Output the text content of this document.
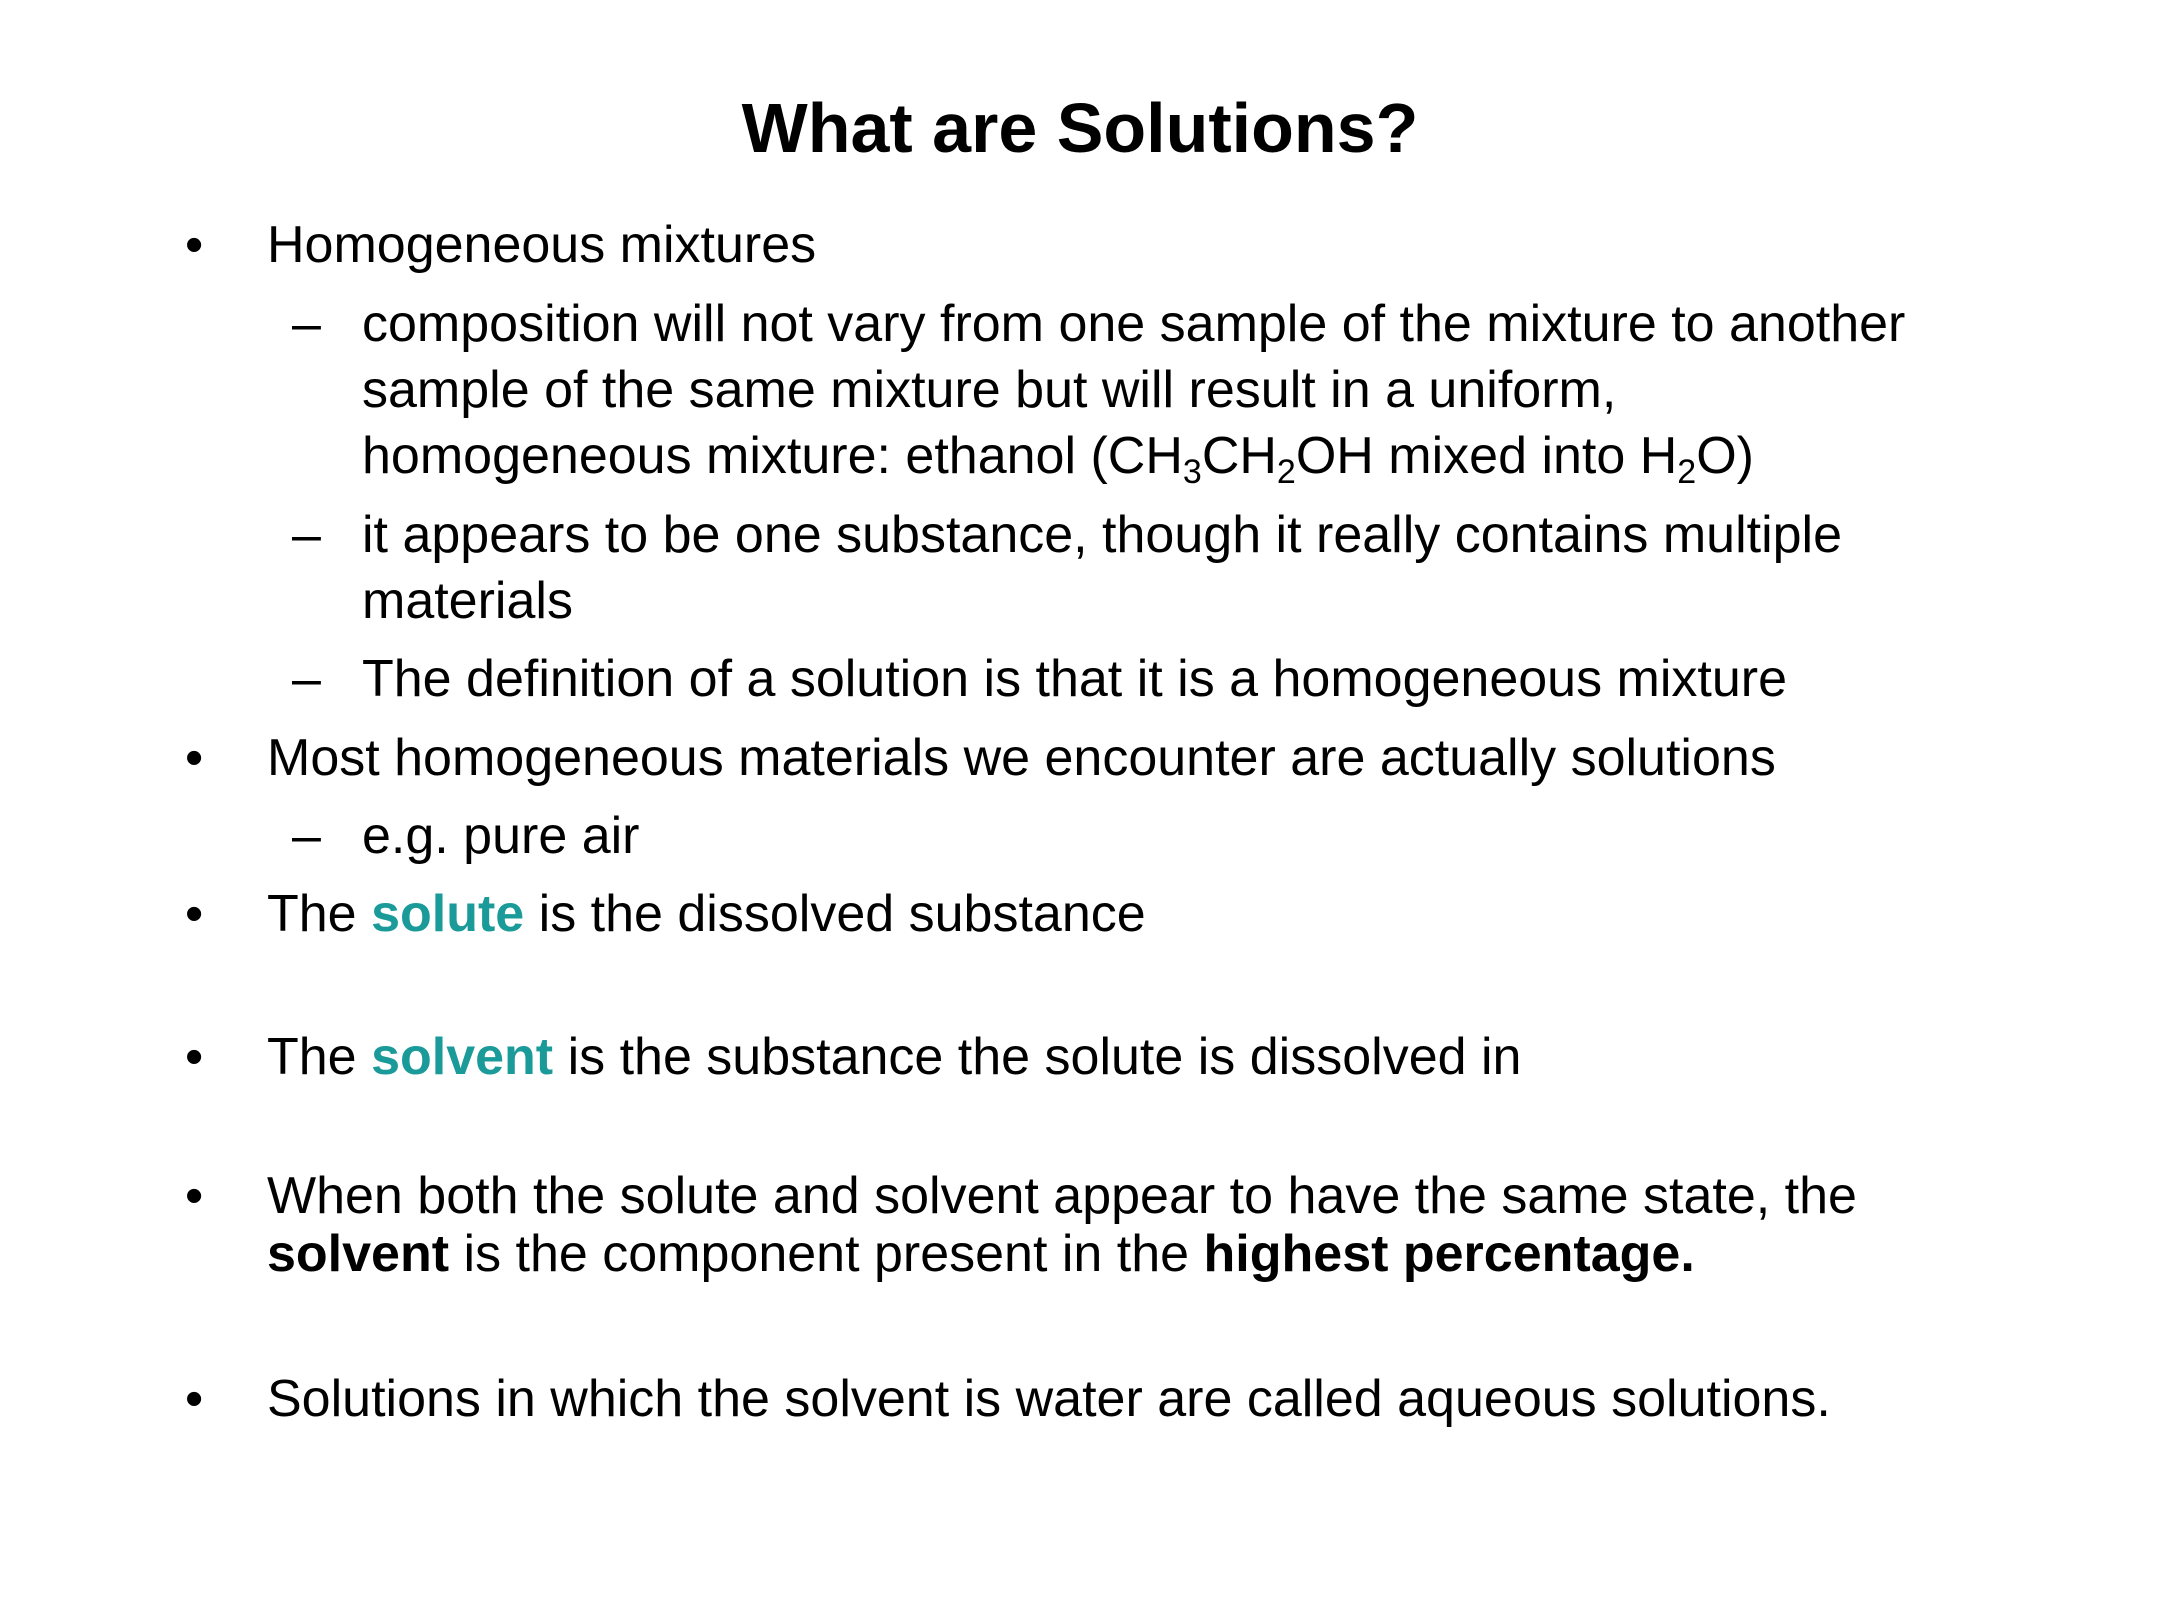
What are Solutions?
• Homogeneous mixtures
– composition will not vary from one sample of the mixture to another
sample of the same mixture but will result in a uniform,
homogeneous mixture: ethanol ($CH_3CH_2OH$ mixed into $H_2O$)
– it appears to be one substance, though it really contains multiple
materials
– The definition of a solution is that it is a homogeneous mixture
• Most homogeneous materials we encounter are actually solutions
– e.g. pure air
• The solute is the dissolved substance
• The solvent is the substance the solute is dissolved in
• When both the solute and solvent appear to have the same state, the
solvent is the component present in the highest percentage.
• Solutions in which the solvent is water are called aqueous solutions.
